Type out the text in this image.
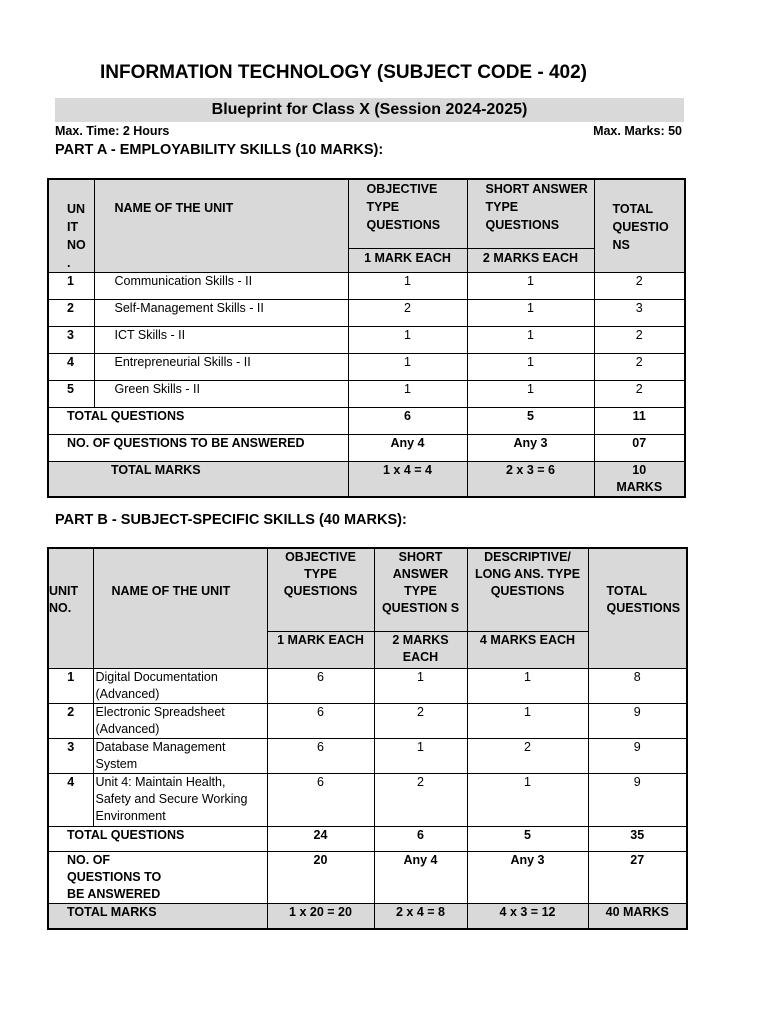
INFORMATION TECHNOLOGY (SUBJECT CODE - 402)
Blueprint for Class X (Session 2024-2025)
Max. Time: 2 Hours	Max. Marks: 50
PART A - EMPLOYABILITY SKILLS (10 MARKS):
UN
IT
NO
.	NAME OF THE UNIT	OBJECTIVE TYPE QUESTIONS	SHORT ANSWER TYPE QUESTIONS	TOTAL QUESTIO NS
		1 MARK EACH	2 MARKS EACH	
1	Communication Skills - II	1	1	2
2	Self-Management Skills - II	2	1	3
3	ICT Skills - II	1	1	2
4	Entrepreneurial Skills - II	1	1	2
5	Green Skills - II	1	1	2
TOTAL QUESTIONS		6	5	11
NO. OF QUESTIONS TO BE ANSWERED		Any 4	Any 3	07
TOTAL MARKS		1 x 4 = 4	2 x 3 = 6	10 MARKS
PART B - SUBJECT-SPECIFIC SKILLS (40 MARKS):
UNIT NO.	NAME OF THE UNIT	OBJECTIVE TYPE QUESTIONS	SHORT ANSWER TYPE QUESTION S	DESCRIPTIVE/ LONG ANS. TYPE QUESTIONS	TOTAL QUESTIONS
		1 MARK EACH	2 MARKS EACH	4 MARKS EACH	
1	Digital Documentation (Advanced)	6	1	1	8
2	Electronic Spreadsheet (Advanced)	6	2	1	9
3	Database Management System	6	1	2	9
4	Unit 4: Maintain Health, Safety and Secure Working Environment	6	2	1	9
TOTAL QUESTIONS		24	6	5	35
NO. OF QUESTIONS TO BE ANSWERED		20	Any 4	Any 3	27
TOTAL MARKS		1 x 20 = 20	2 x 4 = 8	4 x 3 = 12	40 MARKS
